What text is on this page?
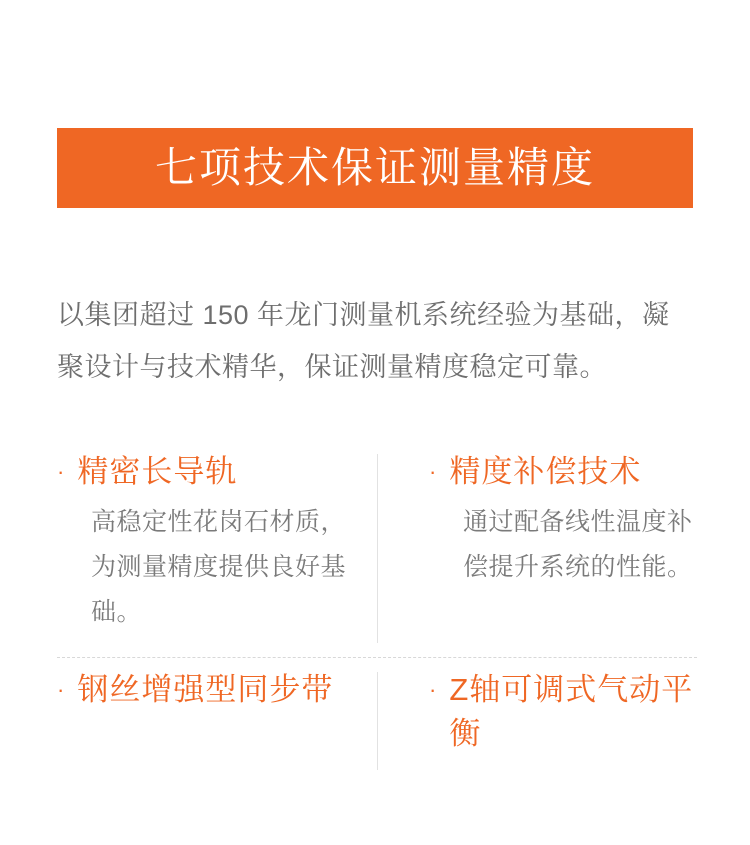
七项技术保证测量精度

以集团超过 150 年龙门测量机系统经验为基础，凝聚设计与技术精华，保证测量精度稳定可靠。

· 精密长导轨
高稳定性花岗石材质，为测量精度提供良好基础。
· 精度补偿技术
通过配备线性温度补偿提升系统的性能。
· 钢丝增强型同步带	· Z轴可调式气动平衡
